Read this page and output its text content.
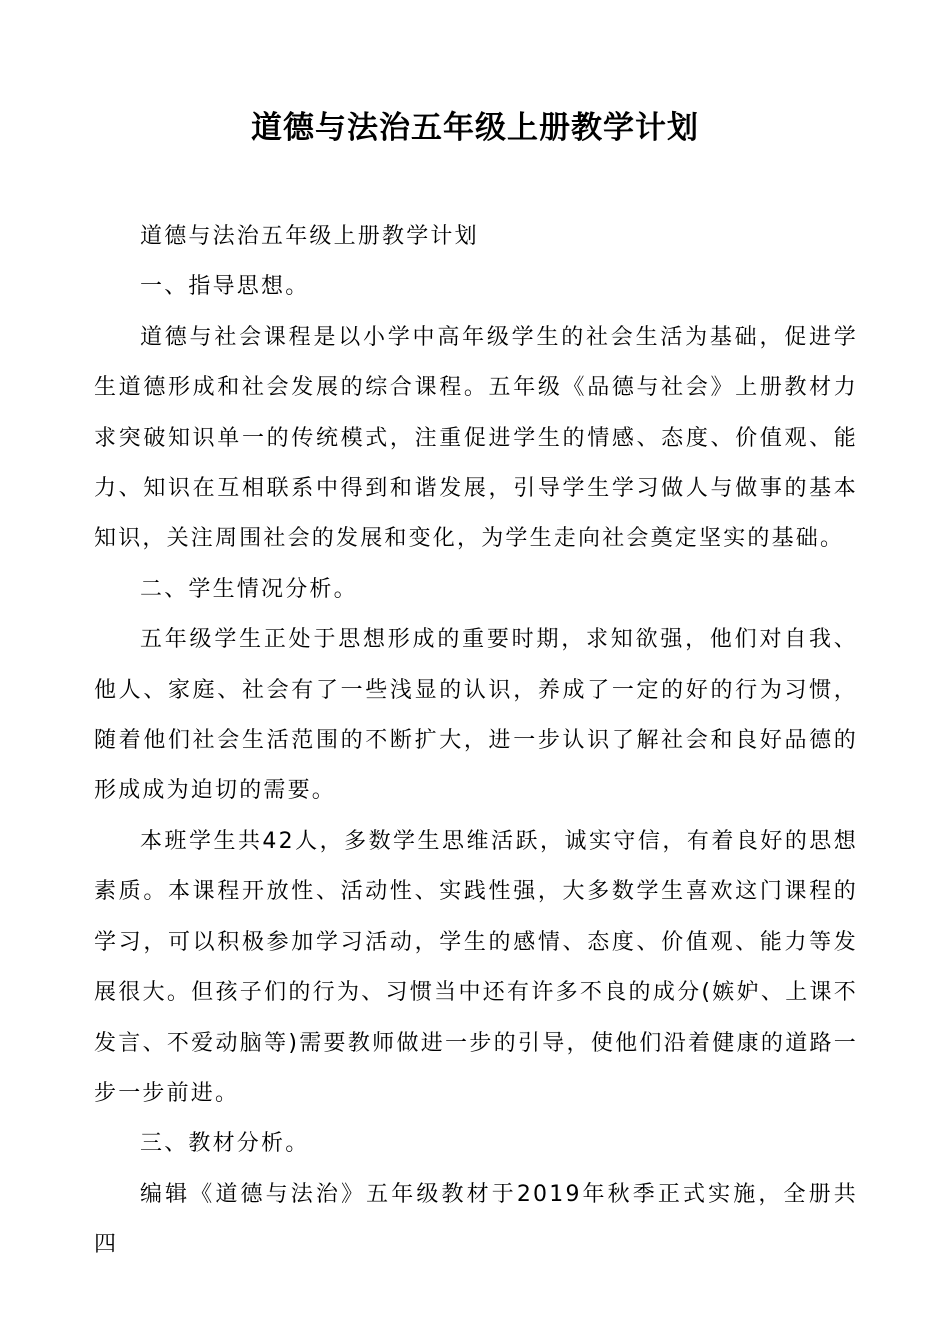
道德与法治五年级上册教学计划

道德与法治五年级上册教学计划

一、指导思想。

道德与社会课程是以小学中高年级学生的社会生活为基础，促进学生道德形成和社会发展的综合课程。五年级《品德与社会》上册教材力求突破知识单一的传统模式，注重促进学生的情感、态度、价值观、能力、知识在互相联系中得到和谐发展，引导学生学习做人与做事的基本知识，关注周围社会的发展和变化，为学生走向社会奠定坚实的基础。

二、学生情况分析。

五年级学生正处于思想形成的重要时期，求知欲强，他们对自我、他人、家庭、社会有了一些浅显的认识，养成了一定的好的行为习惯，随着他们社会生活范围的不断扩大，进一步认识了解社会和良好品德的形成成为迫切的需要。

本班学生共42人，多数学生思维活跃，诚实守信，有着良好的思想素质。本课程开放性、活动性、实践性强，大多数学生喜欢这门课程的学习，可以积极参加学习活动，学生的感情、态度、价值观、能力等发展很大。但孩子们的行为、习惯当中还有许多不良的成分(嫉妒、上课不发言、不爱动脑等)需要教师做进一步的引导，使他们沿着健康的道路一步一步前进。

三、教材分析。

编辑《道德与法治》五年级教材于2019年秋季正式实施，全册共四
